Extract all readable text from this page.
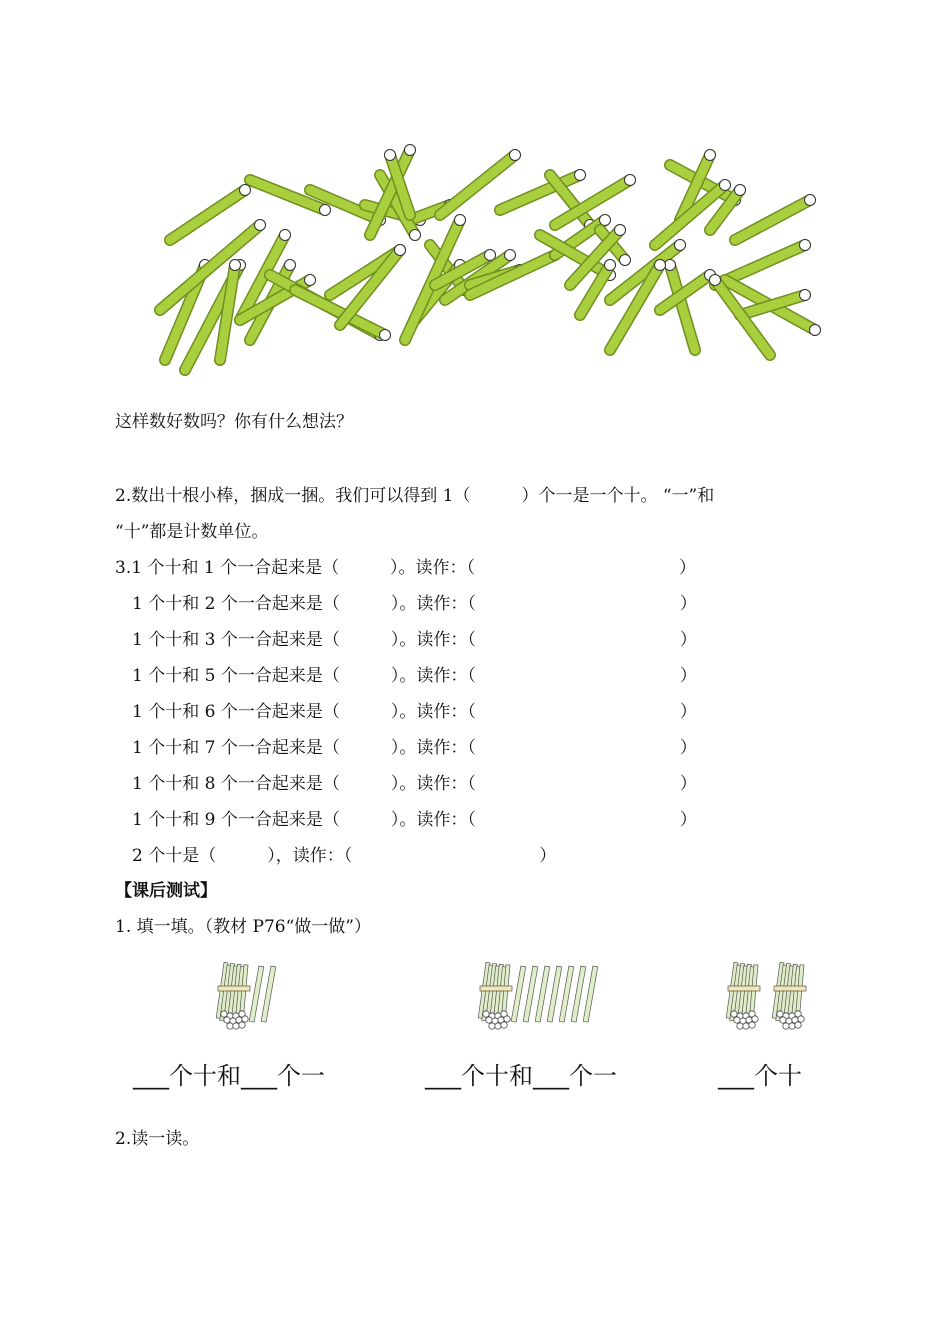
这样数好数吗？你有什么想法？
2.数出十根小棒，捆成一捆。我们可以得到 1（　　　）个一是一个十。 “一”和
“十”都是计数单位。
3.1 个十和 1 个一合起来是（　　　）。读作：（　　　　　　　　　　　　）
　1 个十和 2 个一合起来是（　　　）。读作：（　　　　　　　　　　　　）
　1 个十和 3 个一合起来是（　　　）。读作：（　　　　　　　　　　　　）
　1 个十和 5 个一合起来是（　　　）。读作：（　　　　　　　　　　　　）
　1 个十和 6 个一合起来是（　　　）。读作：（　　　　　　　　　　　　）
　1 个十和 7 个一合起来是（　　　）。读作：（　　　　　　　　　　　　）
　1 个十和 8 个一合起来是（　　　）。读作：（　　　　　　　　　　　　）
　1 个十和 9 个一合起来是（　　　）。读作：（　　　　　　　　　　　　）
　2 个十是（　　　），读作：（　　　　　　　　　　　）
【课后测试】
1. 填一填。（教材 P76“做一做”）
___个十和___个一	___个十和___个一	___个十
2.读一读。
